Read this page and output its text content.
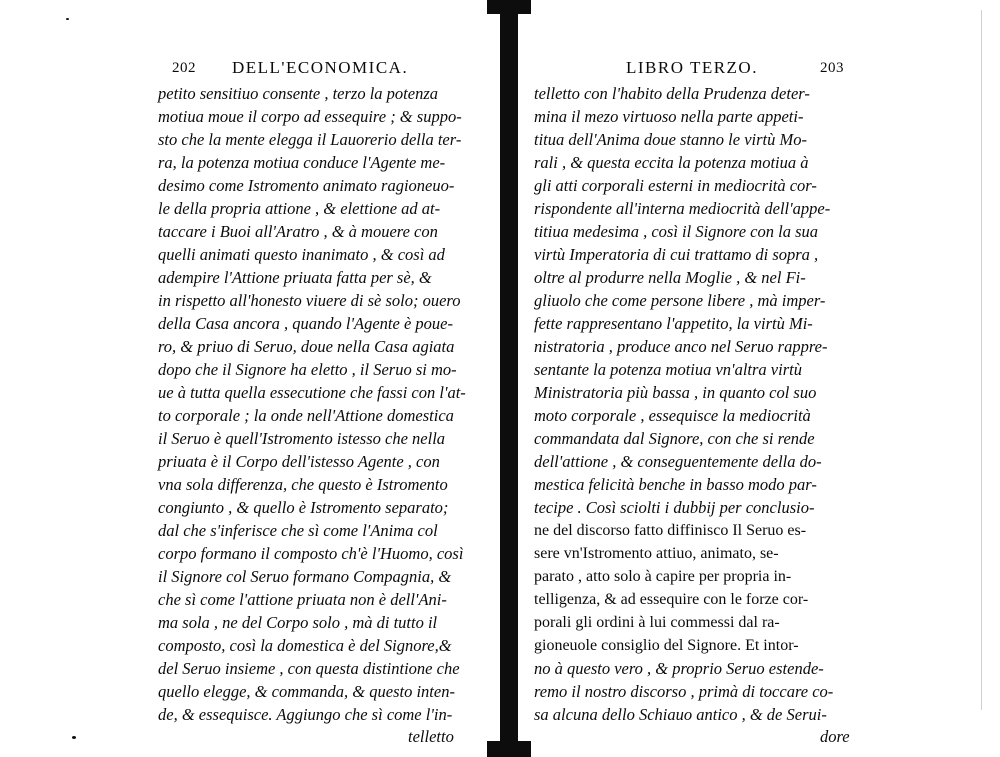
202 DELL'ECONOMICA.
petito sensitiuo consente , terzo la potenza
motiua moue il corpo ad essequire ; & suppo-
sto che la mente elegga il Lauorerio della ter-
ra, la potenza motiua conduce l'Agente me-
desimo come Istromento animato ragioneuo-
le della propria attione , & elettione ad at-
taccare i Buoi all'Aratro , & à mouere con
quelli animati questo inanimato , & così ad
adempire l'Attione priuata fatta per sè, &
in rispetto all'honesto viuere di sè solo; ouero
della Casa ancora , quando l'Agente è poue-
ro, & priuo di Seruo, doue nella Casa agiata
dopo che il Signore ha eletto , il Seruo si mo-
ue à tutta quella essecutione che fassi con l'at-
to corporale ; la onde nell'Attione domestica
il Seruo è quell'Istromento istesso che nella
priuata è il Corpo dell'istesso Agente , con
vna sola differenza, che questo è Istromento
congiunto , & quello è Istromento separato;
dal che s'inferisce che sì come l'Anima col
corpo formano il composto ch'è l'Huomo, così
il Signore col Seruo formano Compagnia, &
che sì come l'attione priuata non è dell'Ani-
ma sola , ne del Corpo solo , mà di tutto il
composto, così la domestica è del Signore,&
del Seruo insieme , con questa distintione che
quello elegge, & commanda, & questo inten-
de, & essequisce. Aggiungo che sì come l'in-
telletto
LIBRO TERZO.	203
telletto con l'habito della Prudenza deter-
mina il mezo virtuoso nella parte appeti-
titua dell'Anima doue stanno le virtù Mo-
rali , & questa eccita la potenza motiua à
gli atti corporali esterni in mediocrità cor-
rispondente all'interna mediocrità dell'appe-
titiua medesima , così il Signore con la sua
virtù Imperatoria di cui trattamo di sopra ,
oltre al produrre nella Moglie , & nel Fi-
gliuolo che come persone libere , mà imper-
fette rappresentano l'appetito, la virtù Mi-
nistratoria , produce anco nel Seruo rappre-
sentante la potenza motiua vn'altra virtù
Ministratoria più bassa , in quanto col suo
moto corporale , essequisce la mediocrità
commandata dal Signore, con che si rende
dell'attione , & conseguentemente della do-
mestica felicità benche in basso modo par-
tecipe . Così sciolti i dubbij per conclusio-
ne del discorso fatto diffinisco Il Seruo es-
sere vn'Istromento attiuo, animato, se-
parato , atto solo à capire per propria in-
telligenza, & ad essequire con le forze cor-
porali gli ordini à lui commessi dal ra-
gioneuole consiglio del Signore. Et intor-
no à questo vero , & proprio Seruo estende-
remo il nostro discorso , primà di toccare co-
sa alcuna dello Schiauo antico , & de Serui-
dore
